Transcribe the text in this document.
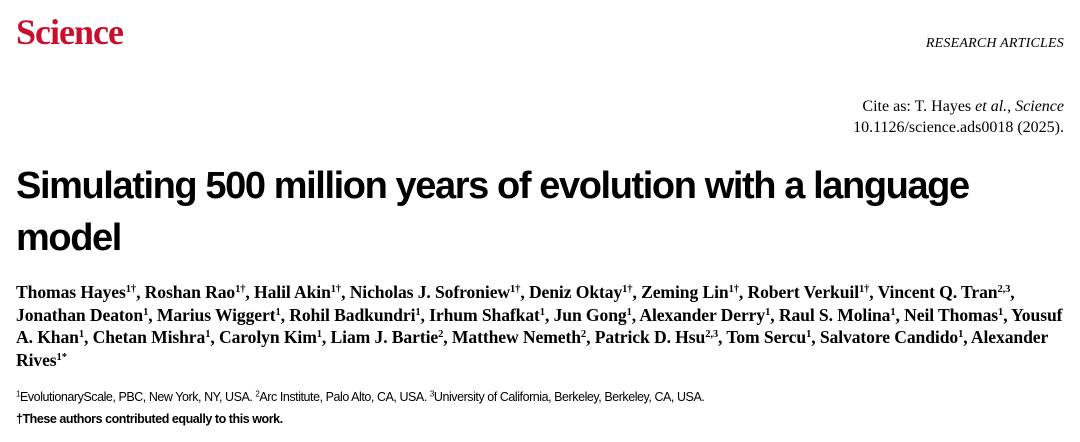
Science	RESEARCH ARTICLES
Cite as: T. Hayes et al., Science
10.1126/science.ads0018 (2025).
Simulating 500 million years of evolution with a language model
Thomas Hayes$^{1\dagger}$, Roshan Rao$^{1\dagger}$, Halil Akin$^{1\dagger}$, Nicholas J. Sofroniew$^{1\dagger}$, Deniz Oktay$^{1\dagger}$, Zeming Lin$^{1\dagger}$, Robert Verkuil$^{1\dagger}$, Vincent Q. Tran$^{2,3}$, Jonathan Deaton$^1$, Marius Wiggert$^1$, Rohil Badkundri$^1$, Irhum Shafkat$^1$, Jun Gong$^1$, Alexander Derry$^1$, Raul S. Molina$^1$, Neil Thomas$^1$, Yousuf A. Khan$^1$, Chetan Mishra$^1$, Carolyn Kim$^1$, Liam J. Bartie$^2$, Matthew Nemeth$^2$, Patrick D. Hsu$^{2,3}$, Tom Sercu$^1$, Salvatore Candido$^1$, Alexander Rives$^{1*}$
$^1$EvolutionaryScale, PBC, New York, NY, USA. $^2$Arc Institute, Palo Alto, CA, USA. $^3$University of California, Berkeley, Berkeley, CA, USA.
†These authors contributed equally to this work.
